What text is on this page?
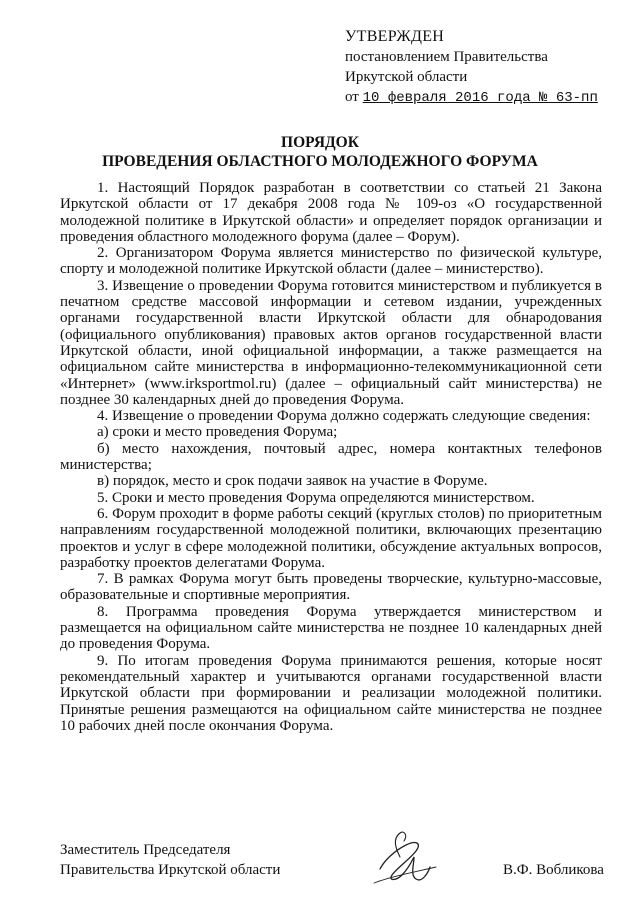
УТВЕРЖДЕН
постановлением Правительства
Иркутской области
от 10 февраля 2016 года № 63-пп
ПОРЯДОК
ПРОВЕДЕНИЯ ОБЛАСТНОГО МОЛОДЕЖНОГО ФОРУМА

1. Настоящий Порядок разработан в соответствии со статьей 21 Закона Иркутской области от 17 декабря 2008 года № 109-оз «О государственной молодежной политике в Иркутской области» и определяет порядок организации и проведения областного молодежного форума (далее – Форум).

2. Организатором Форума является министерство по физической культуре, спорту и молодежной политике Иркутской области (далее – министерство).

3. Извещение о проведении Форума готовится министерством и публикуется в печатном средстве массовой информации и сетевом издании, учрежденных органами государственной власти Иркутской области для обнародования (официального опубликования) правовых актов органов государственной власти Иркутской области, иной официальной информации, а также размещается на официальном сайте министерства в информационно-телекоммуникационной сети «Интернет» (www.irksportmol.ru) (далее – официальный сайт министерства) не позднее 30 календарных дней до проведения Форума.

4. Извещение о проведении Форума должно содержать следующие сведения:

а) сроки и место проведения Форума;

б) место нахождения, почтовый адрес, номера контактных телефонов министерства;

в) порядок, место и срок подачи заявок на участие в Форуме.

5. Сроки и место проведения Форума определяются министерством.

6. Форум проходит в форме работы секций (круглых столов) по приоритетным направлениям государственной молодежной политики, включающих презентацию проектов и услуг в сфере молодежной политики, обсуждение актуальных вопросов, разработку проектов делегатами Форума.

7. В рамках Форума могут быть проведены творческие, культурно-массовые, образовательные и спортивные мероприятия.

8. Программа проведения Форума утверждается министерством и размещается на официальном сайте министерства не позднее 10 календарных дней до проведения Форума.

9. По итогам проведения Форума принимаются решения, которые носят рекомендательный характер и учитываются органами государственной власти Иркутской области при формировании и реализации молодежной политики. Принятые решения размещаются на официальном сайте министерства не позднее 10 рабочих дней после окончания Форума.

Заместитель Председателя
Правительства Иркутской области	В.Ф. Вобликова
